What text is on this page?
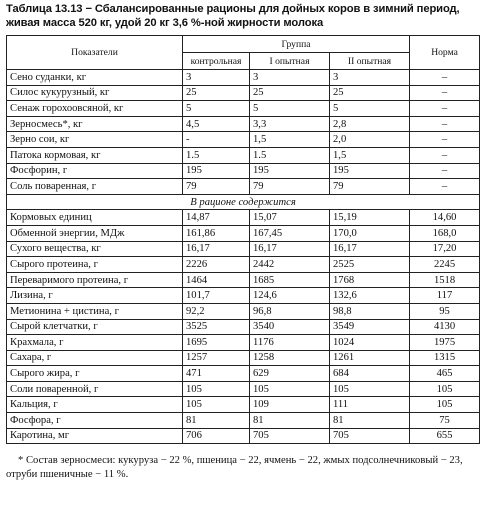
Таблица 13.13 − Сбалансированные рационы для дойных коров в зимний период, живая масса 520 кг, удой 20 кг 3,6 %-ной жирности молока

Показатели	Группа			Норма
	контрольная	I опытная	II опытная	
Сено суданки, кг	3	3	3	–
Силос кукурузный, кг	25	25	25	–
Сенаж горохоовсяной, кг	5	5	5	–
Зерносмесь*, кг	4,5	3,3	2,8	–
Зерно сои, кг	-	1,5	2,0	–
Патока кормовая, кг	1.5	1.5	1,5	–
Фосфорин, г	195	195	195	–
Соль поваренная, г	79	79	79	–
В рационе содержится				
Кормовых единиц	14,87	15,07	15,19	14,60
Обменной энергии, МДж	161,86	167,45	170,0	168,0
Сухого вещества, кг	16,17	16,17	16,17	17,20
Сырого протеина, г	2226	2442	2525	2245
Переваримого протеина, г	1464	1685	1768	1518
Лизина, г	101,7	124,6	132,6	117
Метионина + цистина, г	92,2	96,8	98,8	95
Сырой клетчатки, г	3525	3540	3549	4130
Крахмала, г	1695	1176	1024	1975
Сахара, г	1257	1258	1261	1315
Сырого жира, г	471	629	684	465
Соли поваренной, г	105	105	105	105
Кальция, г	105	109	111	105
Фосфора, г	81	81	81	75
Каротина, мг	706	705	705	655

* Состав зерносмеси: кукуруза − 22 %, пшеница − 22, ячмень − 22, жмых подсолнечниковый − 23, отруби пшеничные − 11 %.
